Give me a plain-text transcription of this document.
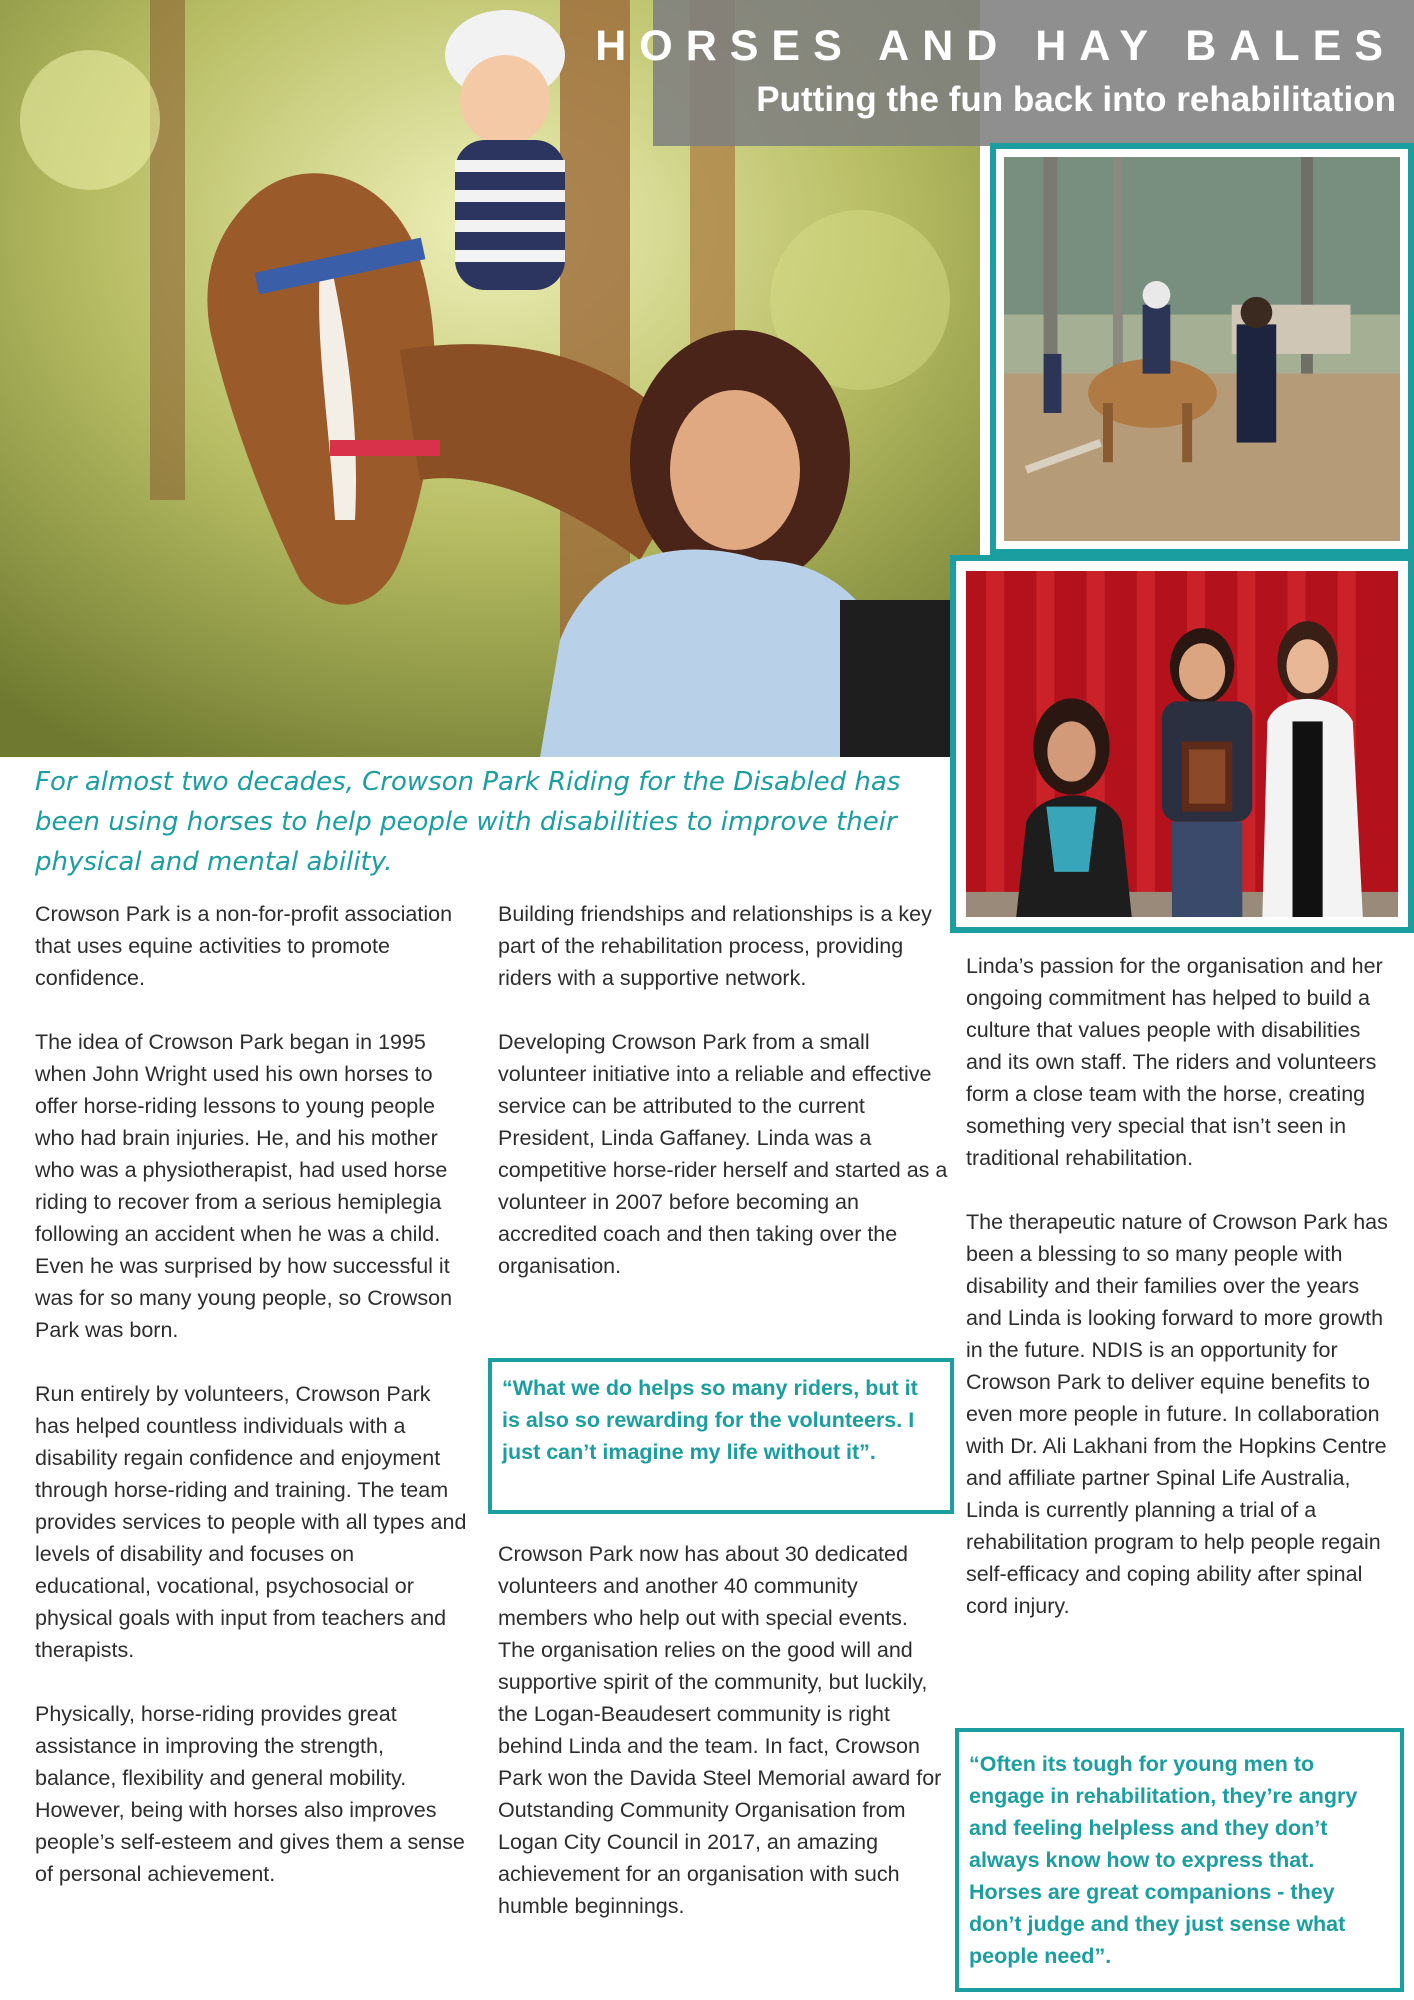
HORSES AND HAY BALES
Putting the fun back into rehabilitation
For almost two decades, Crowson Park Riding for the Disabled has been using horses to help people with disabilities to improve their physical and mental ability.

Crowson Park is a non-for-profit association that uses equine activities to promote confidence.

The idea of Crowson Park began in 1995 when John Wright used his own horses to offer horse-riding lessons to young people who had brain injuries. He, and his mother who was a physiotherapist, had used horse riding to recover from a serious hemiplegia following an accident when he was a child. Even he was surprised by how successful it was for so many young people, so Crowson Park was born.

Run entirely by volunteers, Crowson Park has helped countless individuals with a disability regain confidence and enjoyment through horse-riding and training. The team provides services to people with all types and levels of disability and focuses on educational, vocational, psychosocial or physical goals with input from teachers and therapists.

Physically, horse-riding provides great assistance in improving the strength, balance, flexibility and general mobility. However, being with horses also improves people’s self-esteem and gives them a sense of personal achievement.

Building friendships and relationships is a key part of the rehabilitation process, providing riders with a supportive network.

Developing Crowson Park from a small volunteer initiative into a reliable and effective service can be attributed to the current President, Linda Gaffaney. Linda was a competitive horse-rider herself and started as a volunteer in 2007 before becoming an accredited coach and then taking over the organisation.

“What we do helps so many riders, but it is also so rewarding for the volunteers. I just can’t imagine my life without it”.

Crowson Park now has about 30 dedicated volunteers and another 40 community members who help out with special events. The organisation relies on the good will and supportive spirit of the community, but luckily, the Logan-Beaudesert community is right behind Linda and the team. In fact, Crowson Park won the Davida Steel Memorial award for Outstanding Community Organisation from Logan City Council in 2017, an amazing achievement for an organisation with such humble beginnings.

Linda’s passion for the organisation and her ongoing commitment has helped to build a culture that values people with disabilities and its own staff. The riders and volunteers form a close team with the horse, creating something very special that isn’t seen in traditional rehabilitation.

The therapeutic nature of Crowson Park has been a blessing to so many people with disability and their families over the years and Linda is looking forward to more growth in the future. NDIS is an opportunity for Crowson Park to deliver equine benefits to even more people in future. In collaboration with Dr. Ali Lakhani from the Hopkins Centre and affiliate partner Spinal Life Australia, Linda is currently planning a trial of a rehabilitation program to help people regain self-efficacy and coping ability after spinal cord injury.

“Often its tough for young men to engage in rehabilitation, they’re angry and feeling helpless and they don’t always know how to express that. Horses are great companions - they don’t judge and they just sense what people need”.
